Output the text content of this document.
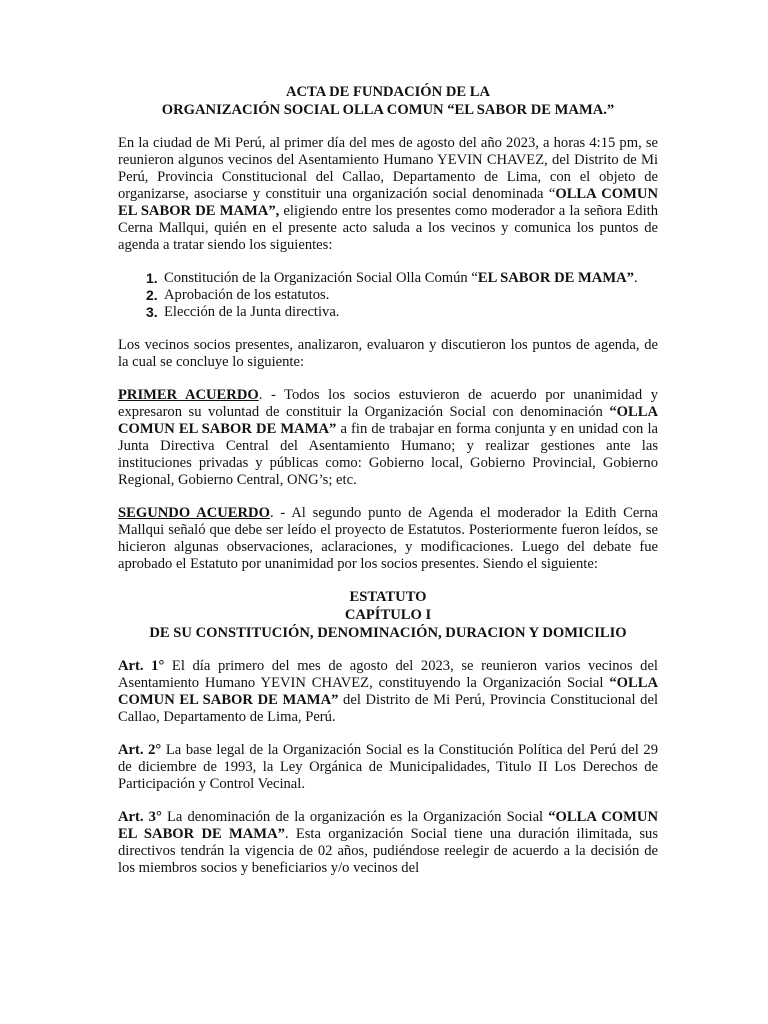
ACTA DE FUNDACIÓN DE LA

ORGANIZACIÓN SOCIAL OLLA COMUN “EL SABOR DE MAMA.”

En la ciudad de Mi Perú, al primer día del mes de agosto del año 2023, a horas 4:15 pm, se reunieron algunos vecinos del Asentamiento Humano YEVIN CHAVEZ, del Distrito de Mi Perú, Provincia Constitucional del Callao, Departamento de Lima, con el objeto de organizarse, asociarse y constituir una organización social denominada “OLLA COMUN EL SABOR DE MAMA”, eligiendo entre los presentes como moderador a la señora Edith Cerna Mallqui, quién en el presente acto saluda a los vecinos y comunica los puntos de agenda a tratar siendo los siguientes:

1. Constitución de la Organización Social Olla Común “EL SABOR DE MAMA”.
2. Aprobación de los estatutos.
3. Elección de la Junta directiva.

Los vecinos socios presentes, analizaron, evaluaron y discutieron los puntos de agenda, de la cual se concluye lo siguiente:

PRIMER ACUERDO. - Todos los socios estuvieron de acuerdo por unanimidad y expresaron su voluntad de constituir la Organización Social con denominación “OLLA COMUN EL SABOR DE MAMA” a fin de trabajar en forma conjunta y en unidad con la Junta Directiva Central del Asentamiento Humano; y realizar gestiones ante las instituciones privadas y públicas como: Gobierno local, Gobierno Provincial, Gobierno Regional, Gobierno Central, ONG’s; etc.

SEGUNDO ACUERDO. - Al segundo punto de Agenda el moderador la Edith Cerna Mallqui señaló que debe ser leído el proyecto de Estatutos. Posteriormente fueron leídos, se hicieron algunas observaciones, aclaraciones, y modificaciones. Luego del debate fue aprobado el Estatuto por unanimidad por los socios presentes. Siendo el siguiente:

ESTATUTO

CAPÍTULO I

DE SU CONSTITUCIÓN, DENOMINACIÓN, DURACION Y DOMICILIO

Art. 1° El día primero del mes de agosto del 2023, se reunieron varios vecinos del Asentamiento Humano YEVIN CHAVEZ, constituyendo la Organización Social “OLLA COMUN EL SABOR DE MAMA” del Distrito de Mi Perú, Provincia Constitucional del Callao, Departamento de Lima, Perú.

Art. 2° La base legal de la Organización Social es la Constitución Política del Perú del 29 de diciembre de 1993, la Ley Orgánica de Municipalidades, Titulo II Los Derechos de Participación y Control Vecinal.

Art. 3° La denominación de la organización es la Organización Social “OLLA COMUN EL SABOR DE MAMA”. Esta organización Social tiene una duración ilimitada, sus directivos tendrán la vigencia de 02 años, pudiéndose reelegir de acuerdo a la decisión de los miembros socios y beneficiarios y/o vecinos del
